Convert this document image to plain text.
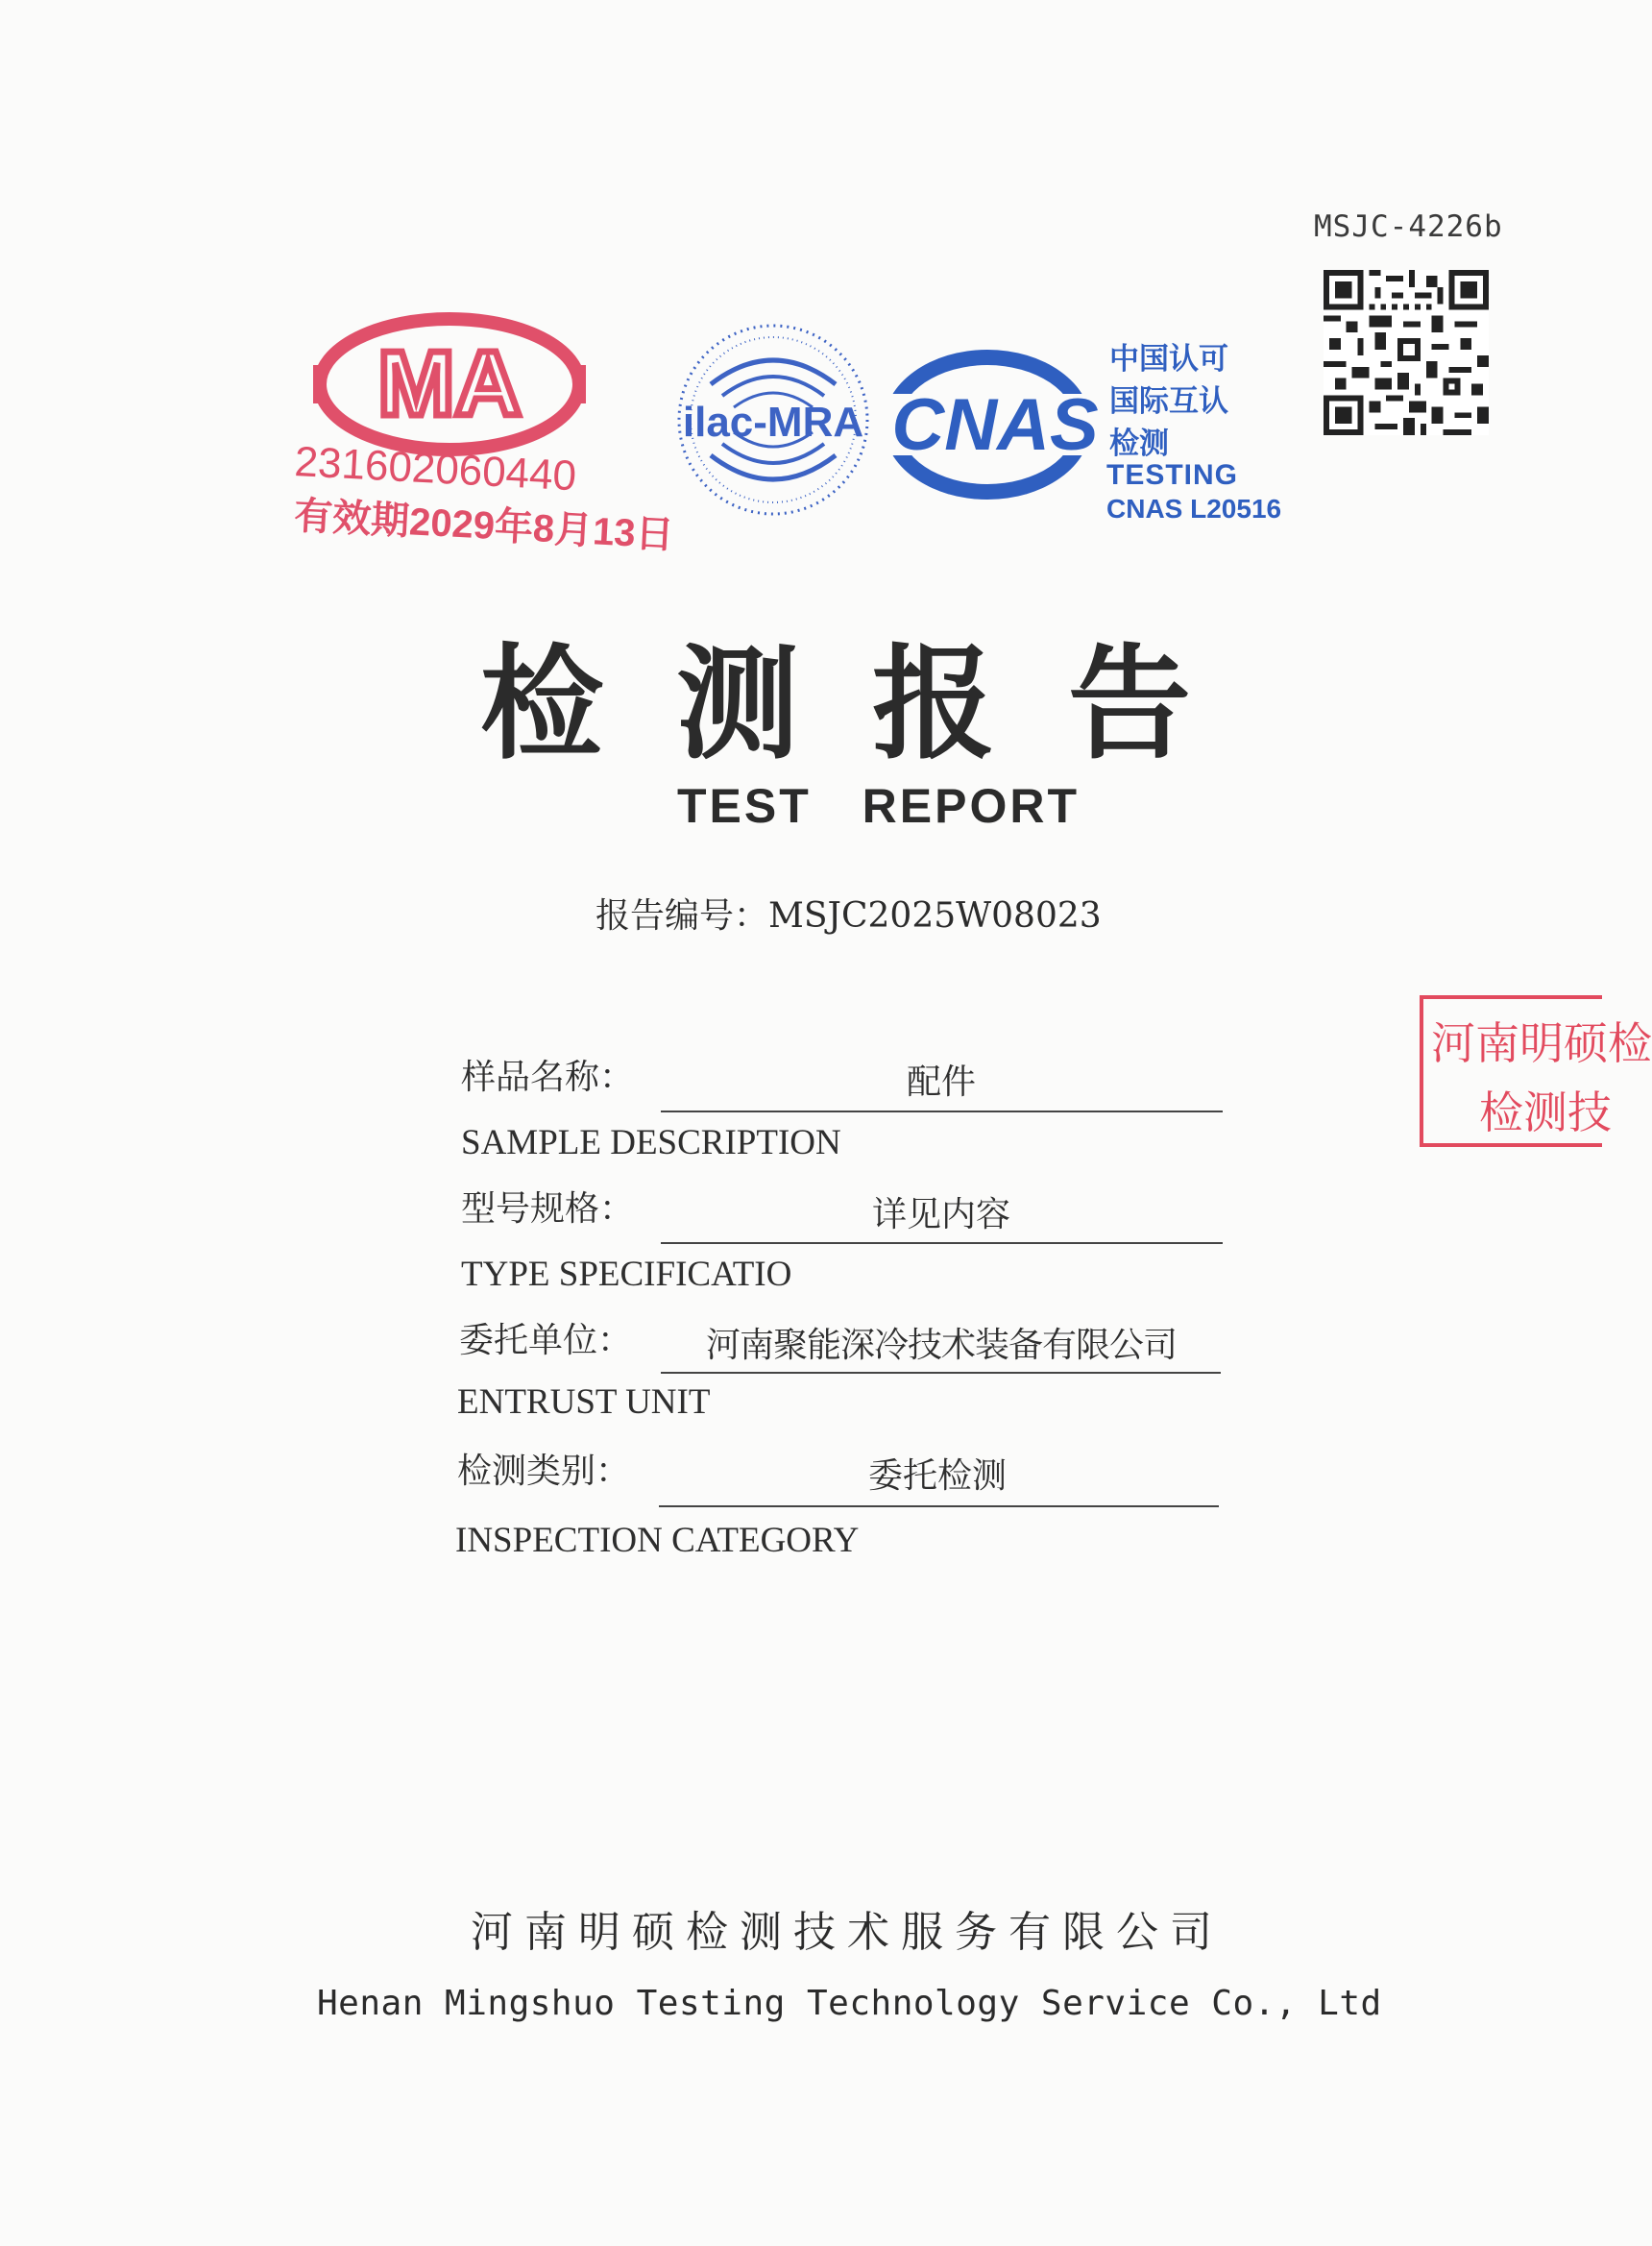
MSJC-4226b
MA
231602060440
有效期2029年8月13日
ilac-MRA CNAS
中国认可
国际互认
检测
TESTING
CNAS L20516
检测报告
TEST REPORT
报告编号：MSJC2025W08023
样品名称：	配件
SAMPLE DESCRIPTION
型号规格：	详见内容
TYPE SPECIFICATIO
委托单位：	河南聚能深冷技术装备有限公司
ENTRUST UNIT
检测类别：	委托检测
INSPECTION CATEGORY
河南明硕检测技术服务有限公司
Henan Mingshuo Testing Technology Service Co., Ltd
河南明硕检
检测技
